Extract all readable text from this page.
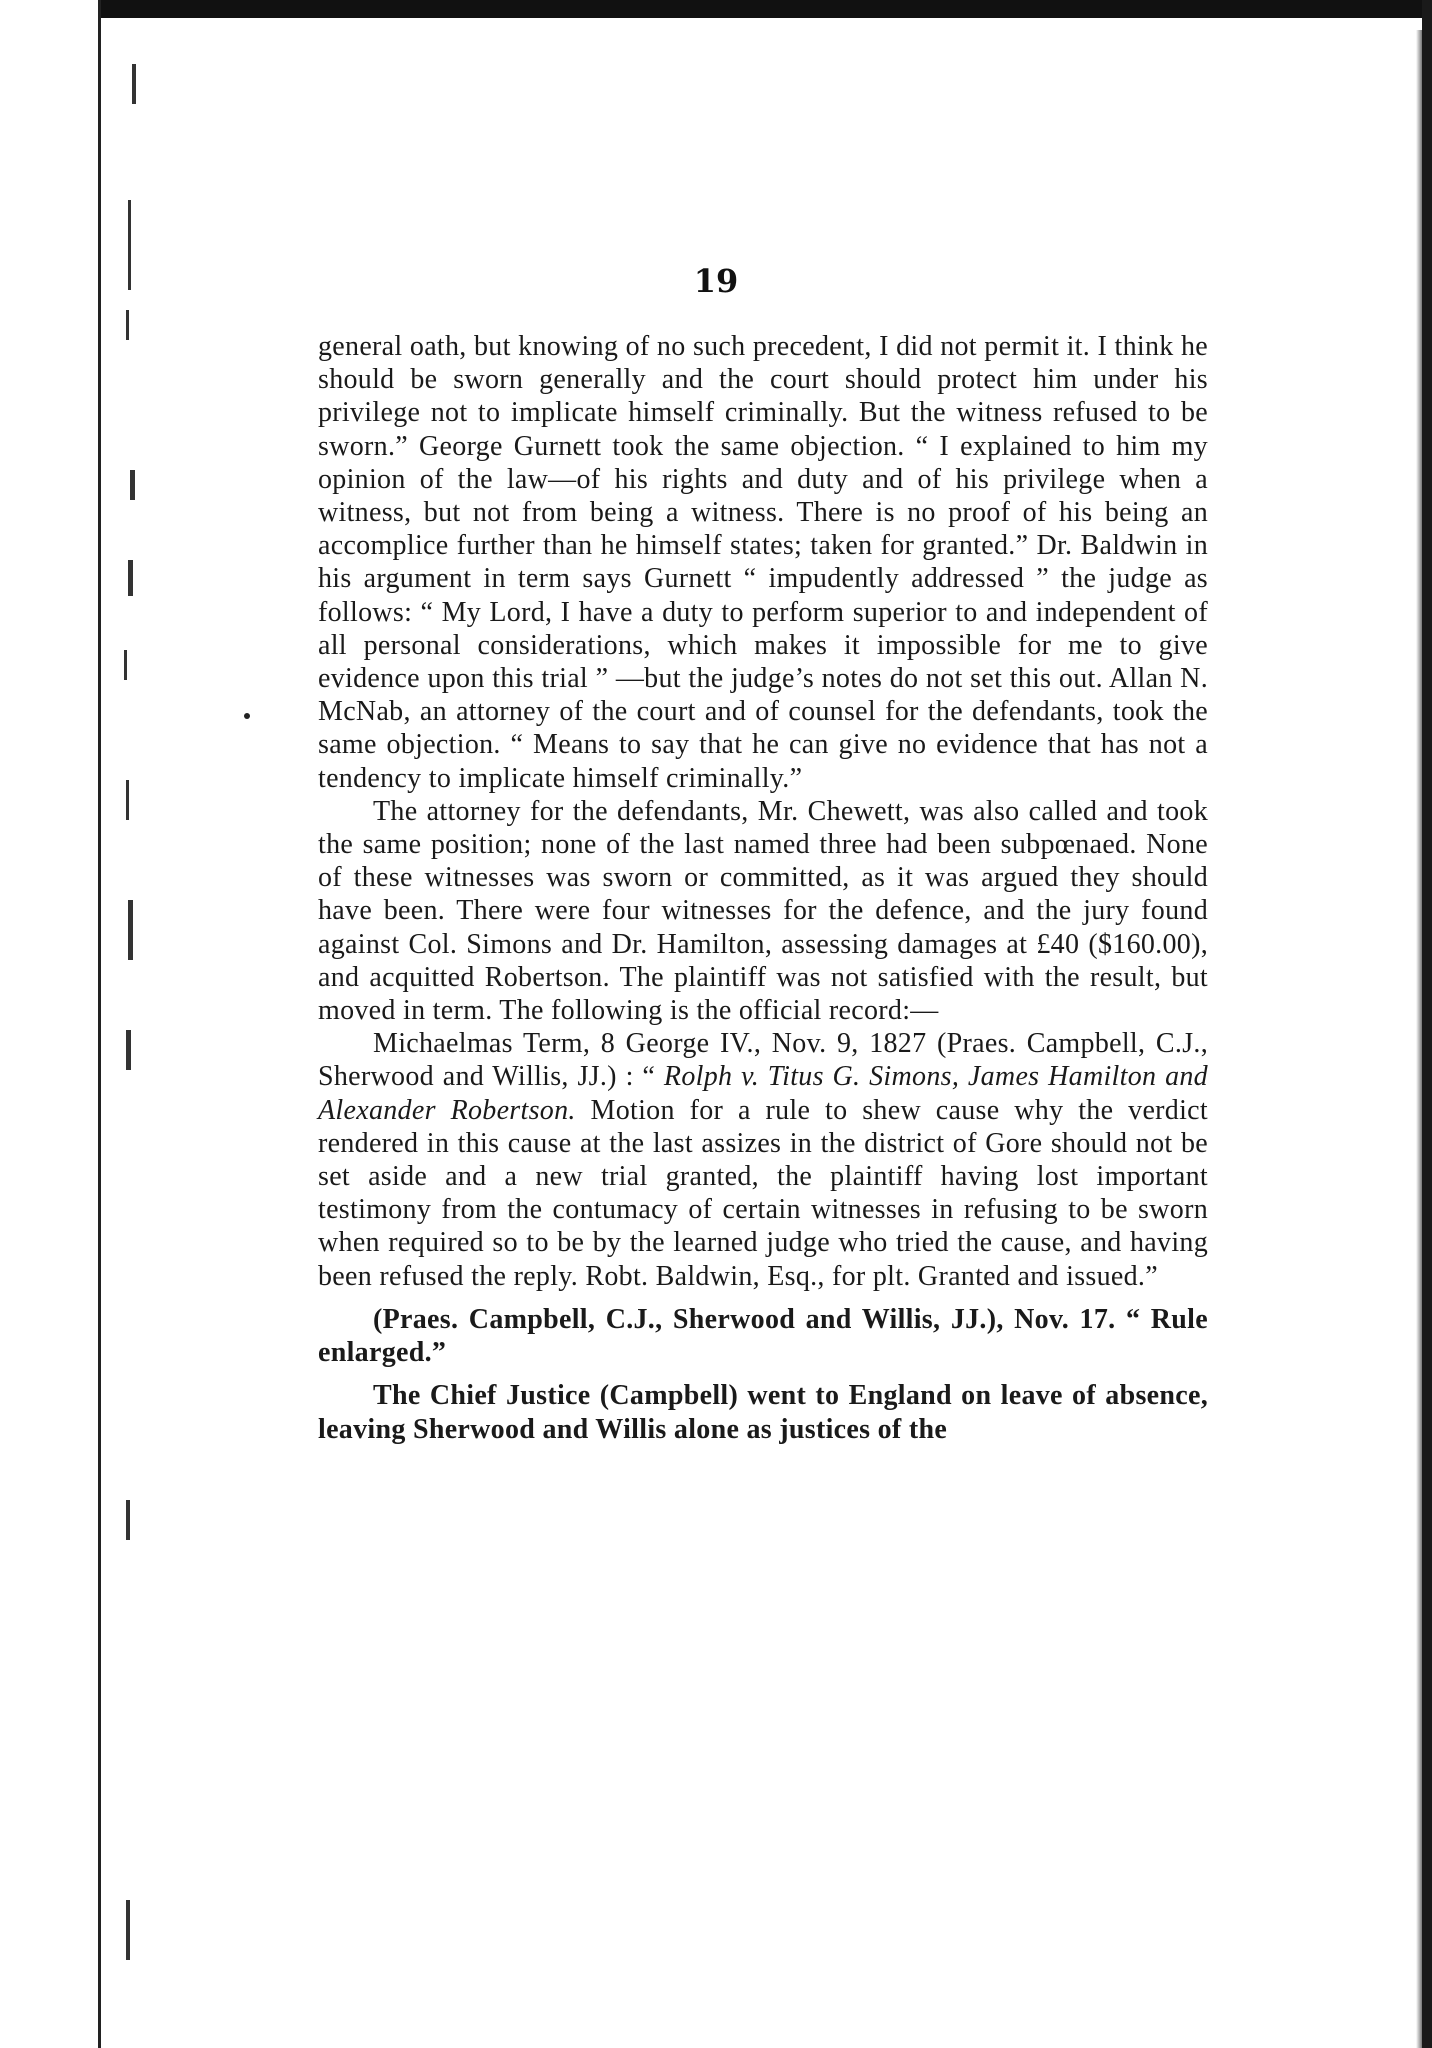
19

general oath, but knowing of no such precedent, I did not permit it. I think he should be sworn generally and the court should protect him under his privilege not to implicate himself criminally. But the witness refused to be sworn.” George Gurnett took the same objection. “ I explained to him my opinion of the law—of his rights and duty and of his privilege when a witness, but not from being a witness. There is no proof of his being an accomplice further than he himself states; taken for granted.” Dr. Baldwin in his argument in term says Gurnett “ impudently addressed ” the judge as follows: “ My Lord, I have a duty to perform superior to and independent of all personal considerations, which makes it impossible for me to give evidence upon this trial ” —but the judge’s notes do not set this out. Allan N. McNab, an attorney of the court and of counsel for the defendants, took the same objection. “ Means to say that he can give no evidence that has not a tendency to implicate himself criminally.”

The attorney for the defendants, Mr. Chewett, was also called and took the same position; none of the last named three had been subpœnaed. None of these witnesses was sworn or committed, as it was argued they should have been. There were four witnesses for the defence, and the jury found against Col. Simons and Dr. Hamilton, assessing damages at £40 ($160.00), and acquitted Robertson. The plaintiff was not satisfied with the result, but moved in term. The following is the official record:—

Michaelmas Term, 8 George IV., Nov. 9, 1827 (Praes. Campbell, C.J., Sherwood and Willis, JJ.) : “ Rolph v. Titus G. Simons, James Hamilton and Alexander Robertson. Motion for a rule to shew cause why the verdict rendered in this cause at the last assizes in the district of Gore should not be set aside and a new trial granted, the plaintiff having lost important testimony from the contumacy of certain witnesses in refusing to be sworn when required so to be by the learned judge who tried the cause, and having been refused the reply. Robt. Baldwin, Esq., for plt. Granted and issued.”

(Praes. Campbell, C.J., Sherwood and Willis, JJ.), Nov. 17. “ Rule enlarged.”

The Chief Justice (Campbell) went to England on leave of absence, leaving Sherwood and Willis alone as justices of the
